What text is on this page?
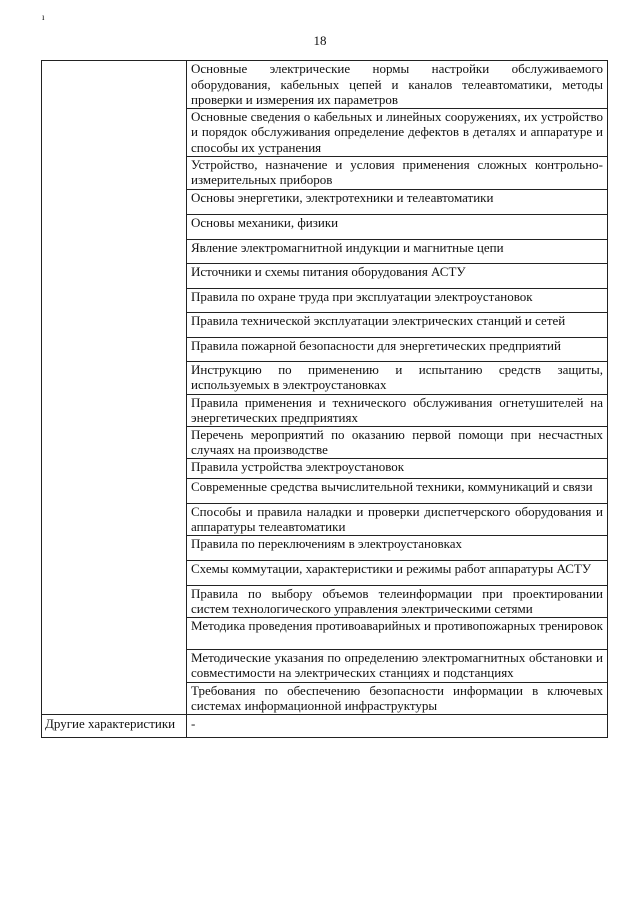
ı
18
	Основные электрические нормы настройки обслуживаемого оборудования, кабельных цепей и каналов телеавтоматики, методы проверки и измерения их параметров
	Основные сведения о кабельных и линейных сооружениях, их устройство и порядок обслуживания определение дефектов в деталях и аппаратуре и способы их устранения
	Устройство, назначение и условия применения сложных контрольно-измерительных приборов
	Основы энергетики, электротехники и телеавтоматики
	Основы механики, физики
	Явление электромагнитной индукции и магнитные цепи
	Источники и схемы питания оборудования АСТУ
	Правила по охране труда при эксплуатации электроустановок
	Правила технической эксплуатации электрических станций и сетей
	Правила пожарной безопасности для энергетических предприятий
	Инструкцию по применению и испытанию средств защиты, используемых в электроустановках
	Правила применения и технического обслуживания огнетушителей на энергетических предприятиях
	Перечень мероприятий по оказанию первой помощи при несчастных случаях на производстве
	Правила устройства электроустановок
	Современные средства вычислительной техники, коммуникаций и связи
	Способы и правила наладки и проверки диспетчерского оборудования и аппаратуры телеавтоматики
	Правила по переключениям в электроустановках
	Схемы коммутации, характеристики и режимы работ аппаратуры АСТУ
	Правила по выбору объемов телеинформации при проектировании систем технологического управления электрическими сетями
	Методика проведения противоаварийных и противопожарных тренировок
	Методические указания по определению электромагнитных обстановки и совместимости на электрических станциях и подстанциях
	Требования по обеспечению безопасности информации в ключевых системах информационной инфраструктуры
Другие характеристики	-
